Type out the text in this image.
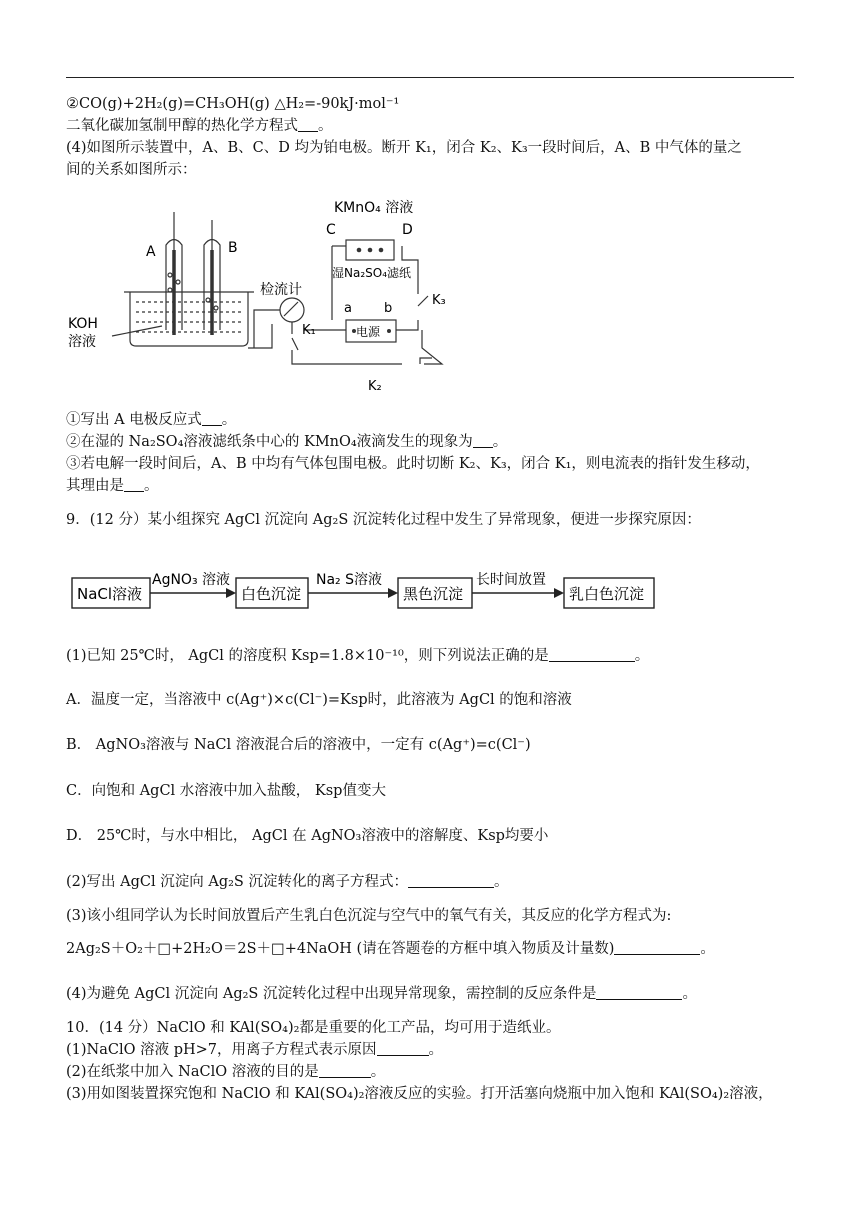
②CO(g)+2H₂(g)=CH₃OH(g) △H₂=-90kJ·mol⁻¹
二氧化碳加氢制甲醇的热化学方程式 。
(4)如图所示装置中，A、B、C、D 均为铂电极。断开 K₁，闭合 K₂、K₃一段时间后，A、B 中气体的量之
间的关系如图所示：
A	B
KOH
溶液
KMnO₄ 溶液
C	D
湿Na₂SO₄滤纸
检流计
K₁
K₂
K₃
a b
电源
①写出 A 电极反应式 。
②在湿的 Na₂SO₄溶液滤纸条中心的 KMnO₄液滴发生的现象为 。
③若电解一段时间后，A、B 中均有气体包围电极。此时切断 K₂、K₃，闭合 K₁，则电流表的指针发生移动，
其理由是 。
9．(12 分）某小组探究 AgCl 沉淀向 Ag₂S 沉淀转化过程中发生了异常现象，便进一步探究原因：
NaCl溶液	白色沉淀	黑色沉淀	乳白色沉淀
AgNO₃ 溶液	Na₂ S溶液	长时间放置
(1)已知 25℃时， AgCl 的溶度积 Ksp=1.8×10⁻¹⁰，则下列说法正确的是	。
A．温度一定，当溶液中 c(Ag⁺)×c(Cl⁻)=Ksp时，此溶液为 AgCl 的饱和溶液
B． AgNO₃溶液与 NaCl 溶液混合后的溶液中，一定有 c(Ag⁺)=c(Cl⁻)
C．向饱和 AgCl 水溶液中加入盐酸， Ksp值变大
D． 25℃时，与水中相比， AgCl 在 AgNO₃溶液中的溶解度、Ksp均要小
(2)写出 AgCl 沉淀向 Ag₂S 沉淀转化的离子方程式：	。
(3)该小组同学认为长时间放置后产生乳白色沉淀与空气中的氧气有关，其反应的化学方程式为:
2Ag₂S＋O₂＋□+2H₂O＝2S＋□+4NaOH (请在答题卷的方框中填入物质及计量数)	。
(4)为避免 AgCl 沉淀向 Ag₂S 沉淀转化过程中出现异常现象，需控制的反应条件是	。
10．(14 分）NaClO 和 KAl(SO₄)₂都是重要的化工产品，均可用于造纸业。
(1)NaClO 溶液 pH>7，用离子方程式表示原因	。
(2)在纸浆中加入 NaClO 溶液的目的是	。
(3)用如图装置探究饱和 NaClO 和 KAl(SO₄)₂溶液反应的实验。打开活塞向烧瓶中加入饱和 KAl(SO₄)₂溶液，
